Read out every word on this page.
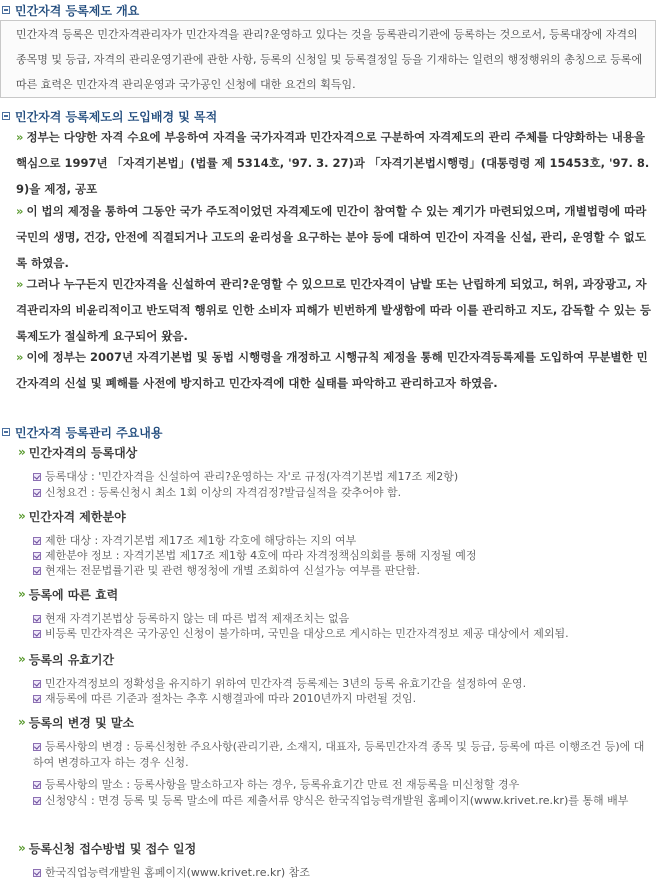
민간자격 등록제도 개요
민간자격 등록은 민간자격관리자가 민간자격을 관리?운영하고 있다는 것을 등록관리기관에 등록하는 것으로서, 등록대장에 자격의 종목명 및 등급, 자격의 관리운영기관에 관한 사항, 등록의 신청일 및 등록결정일 등을 기재하는 일련의 행정행위의 총칭으로 등록에 따른 효력은 민간자격 관리운영과 국가공인 신청에 대한 요건의 획득임.
민간자격 등록제도의 도입배경 및 목적
» 정부는 다양한 자격 수요에 부응하여 자격을 국가자격과 민간자격으로 구분하여 자격제도의 관리 주체를 다양화하는 내용을 핵심으로 1997년 「자격기본법」(법률 제 5314호, '97. 3. 27)과 「자격기본법시행령」(대통령령 제 15453호, '97. 8. 9)을 제정, 공포
» 이 법의 제정을 통하여 그동안 국가 주도적이었던 자격제도에 민간이 참여할 수 있는 계기가 마련되었으며, 개별법령에 따라 국민의 생명, 건강, 안전에 직결되거나 고도의 윤리성을 요구하는 분야 등에 대하여 민간이 자격을 신설, 관리, 운영할 수 없도록 하였음.
» 그러나 누구든지 민간자격을 신설하여 관리?운영할 수 있으므로 민간자격이 남발 또는 난립하게 되었고, 허위, 과장광고, 자격관리자의 비윤리적이고 반도덕적 행위로 인한 소비자 피해가 빈번하게 발생함에 따라 이를 관리하고 지도, 감독할 수 있는 등록제도가 절실하게 요구되어 왔음.
» 이에 정부는 2007년 자격기본법 및 동법 시행령을 개정하고 시행규칙 제정을 통해 민간자격등록제를 도입하여 무분별한 민간자격의 신설 및 폐해를 사전에 방지하고 민간자격에 대한 실태를 파악하고 관리하고자 하였음.
민간자격 등록관리 주요내용
» 민간자격의 등록대상
등록대상 : '민간자격을 신설하여 관리?운영하는 자'로 규정(자격기본법 제17조 제2항)
신청요건 : 등록신청시 최소 1회 이상의 자격검정?발급실적을 갖추어야 함.
» 민간자격 제한분야
제한 대상 : 자격기본법 제17조 제1항 각호에 해당하는 지의 여부
제한분야 정보 : 자격기본법 제17조 제1항 4호에 따라 자격정책심의회를 통해 지정될 예정
현재는 전문법률기관 및 관련 행정청에 개별 조회하여 신설가능 여부를 판단함.
» 등록에 따른 효력
현재 자격기본법상 등록하지 않는 데 따른 법적 제재조치는 없음
비등록 민간자격은 국가공인 신청이 불가하며, 국민을 대상으로 게시하는 민간자격정보 제공 대상에서 제외됨.
» 등록의 유효기간
민간자격정보의 정확성을 유지하기 위하여 민간자격 등록제는 3년의 등록 유효기간을 설정하여 운영.
재등록에 따른 기준과 절차는 추후 시행결과에 따라 2010년까지 마련될 것임.
» 등록의 변경 및 말소
등록사항의 변경 : 등록신청한 주요사항(관리기관, 소재지, 대표자, 등록민간자격 종목 및 등급, 등록에 따른 이행조건 등)에 대하여 변경하고자 하는 경우 신청.
등록사항의 말소 : 등록사항을 말소하고자 하는 경우, 등록유효기간 만료 전 재등록을 미신청할 경우
신청양식 : 면경 등록 및 등록 말소에 따른 제출서류 양식은 한국직업능력개발원 홈페이지(www.krivet.re.kr)를 통해 배부
» 등록신청 접수방법 및 접수 일정
한국직업능력개발원 홈페이지(www.krivet.re.kr) 참조
